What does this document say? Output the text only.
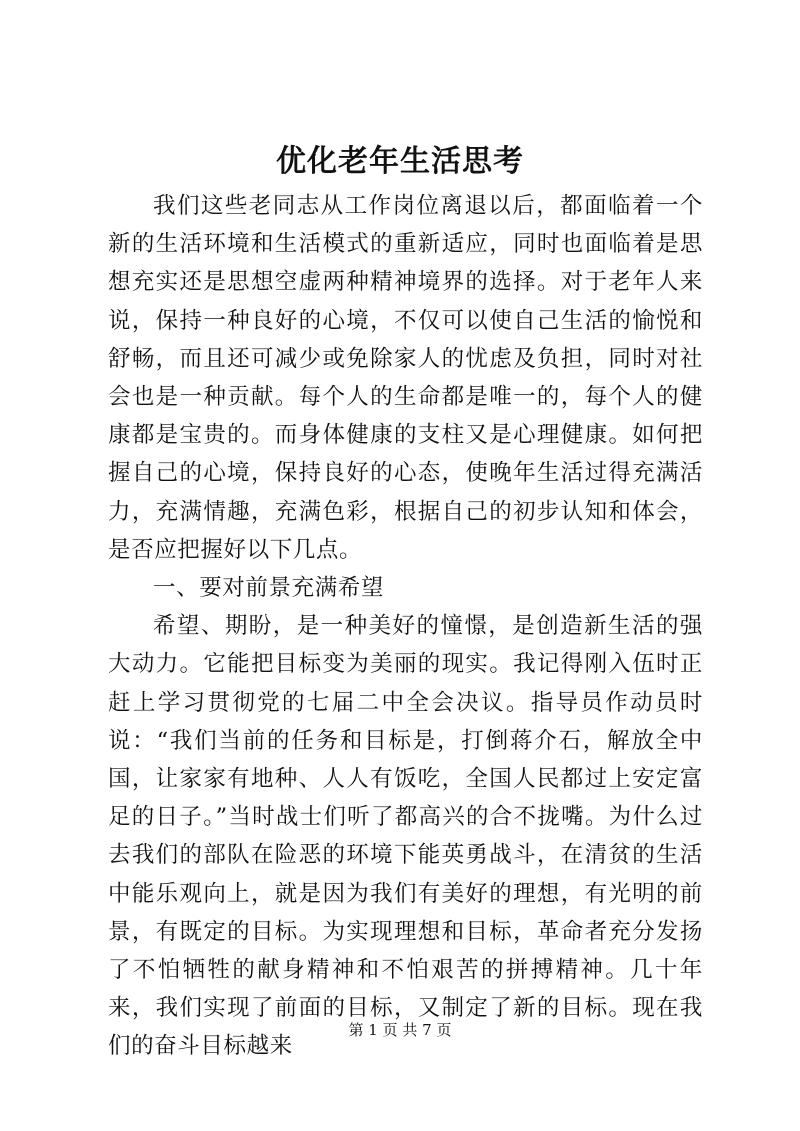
优化老年生活思考

我们这些老同志从工作岗位离退以后，都面临着一个新的生活环境和生活模式的重新适应，同时也面临着是思想充实还是思想空虚两种精神境界的选择。对于老年人来说，保持一种良好的心境，不仅可以使自己生活的愉悦和舒畅，而且还可减少或免除家人的忧虑及负担，同时对社会也是一种贡献。每个人的生命都是唯一的，每个人的健康都是宝贵的。而身体健康的支柱又是心理健康。如何把握自己的心境，保持良好的心态，使晚年生活过得充满活力，充满情趣，充满色彩，根据自己的初步认知和体会，是否应把握好以下几点。

一、要对前景充满希望

希望、期盼，是一种美好的憧憬，是创造新生活的强大动力。它能把目标变为美丽的现实。我记得刚入伍时正赶上学习贯彻党的七届二中全会决议。指导员作动员时说：“我们当前的任务和目标是，打倒蒋介石，解放全中国，让家家有地种、人人有饭吃，全国人民都过上安定富足的日子。”当时战士们听了都高兴的合不拢嘴。为什么过去我们的部队在险恶的环境下能英勇战斗，在清贫的生活中能乐观向上，就是因为我们有美好的理想，有光明的前景，有既定的目标。为实现理想和目标，革命者充分发扬了不怕牺牲的献身精神和不怕艰苦的拼搏精神。几十年来，我们实现了前面的目标，又制定了新的目标。现在我们的奋斗目标越来

第 1 页 共 7 页
